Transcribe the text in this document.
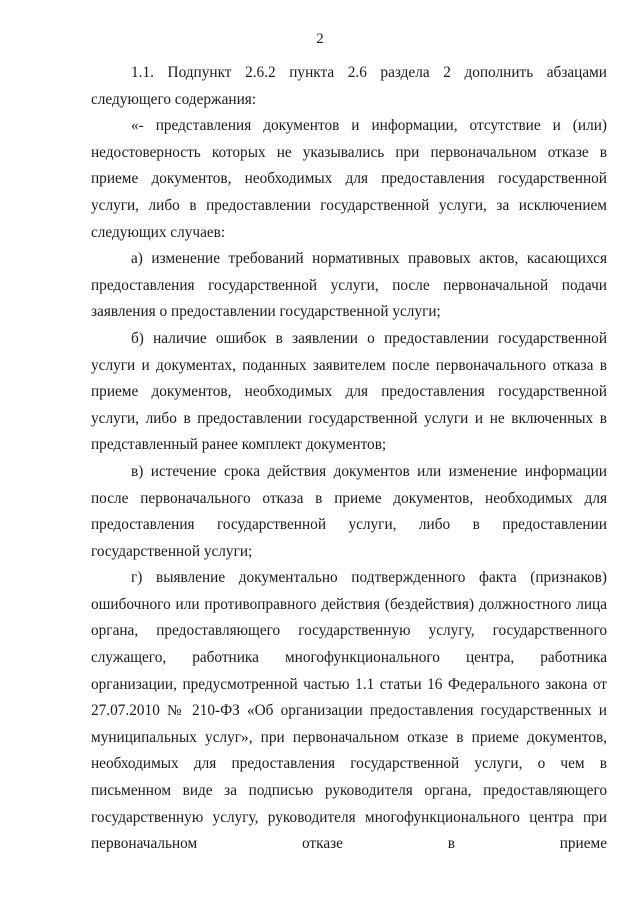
2

1.1. Подпункт 2.6.2 пункта 2.6 раздела 2 дополнить абзацами следующего содержания:

«- представления документов и информации, отсутствие и (или) недостоверность которых не указывались при первоначальном отказе в приеме документов, необходимых для предоставления государственной услуги, либо в предоставлении государственной услуги, за исключением следующих случаев:

а) изменение требований нормативных правовых актов, касающихся предоставления государственной услуги, после первоначальной подачи заявления о предоставлении государственной услуги;

б) наличие ошибок в заявлении о предоставлении государственной услуги и документах, поданных заявителем после первоначального отказа в приеме документов, необходимых для предоставления государственной услуги, либо в предоставлении государственной услуги и не включенных в представленный ранее комплект документов;

в) истечение срока действия документов или изменение информации после первоначального отказа в приеме документов, необходимых для предоставления государственной услуги, либо в предоставлении государственной услуги;

г) выявление документально подтвержденного факта (признаков) ошибочного или противоправного действия (бездействия) должностного лица органа, предоставляющего государственную услугу, государственного служащего, работника многофункционального центра, работника организации, предусмотренной частью 1.1 статьи 16 Федерального закона от 27.07.2010 № 210-ФЗ «Об организации предоставления государственных и муниципальных услуг», при первоначальном отказе в приеме документов, необходимых для предоставления государственной услуги, о чем в письменном виде за подписью руководителя органа, предоставляющего государственную услугу, руководителя многофункционального центра при первоначальном отказе в приеме
